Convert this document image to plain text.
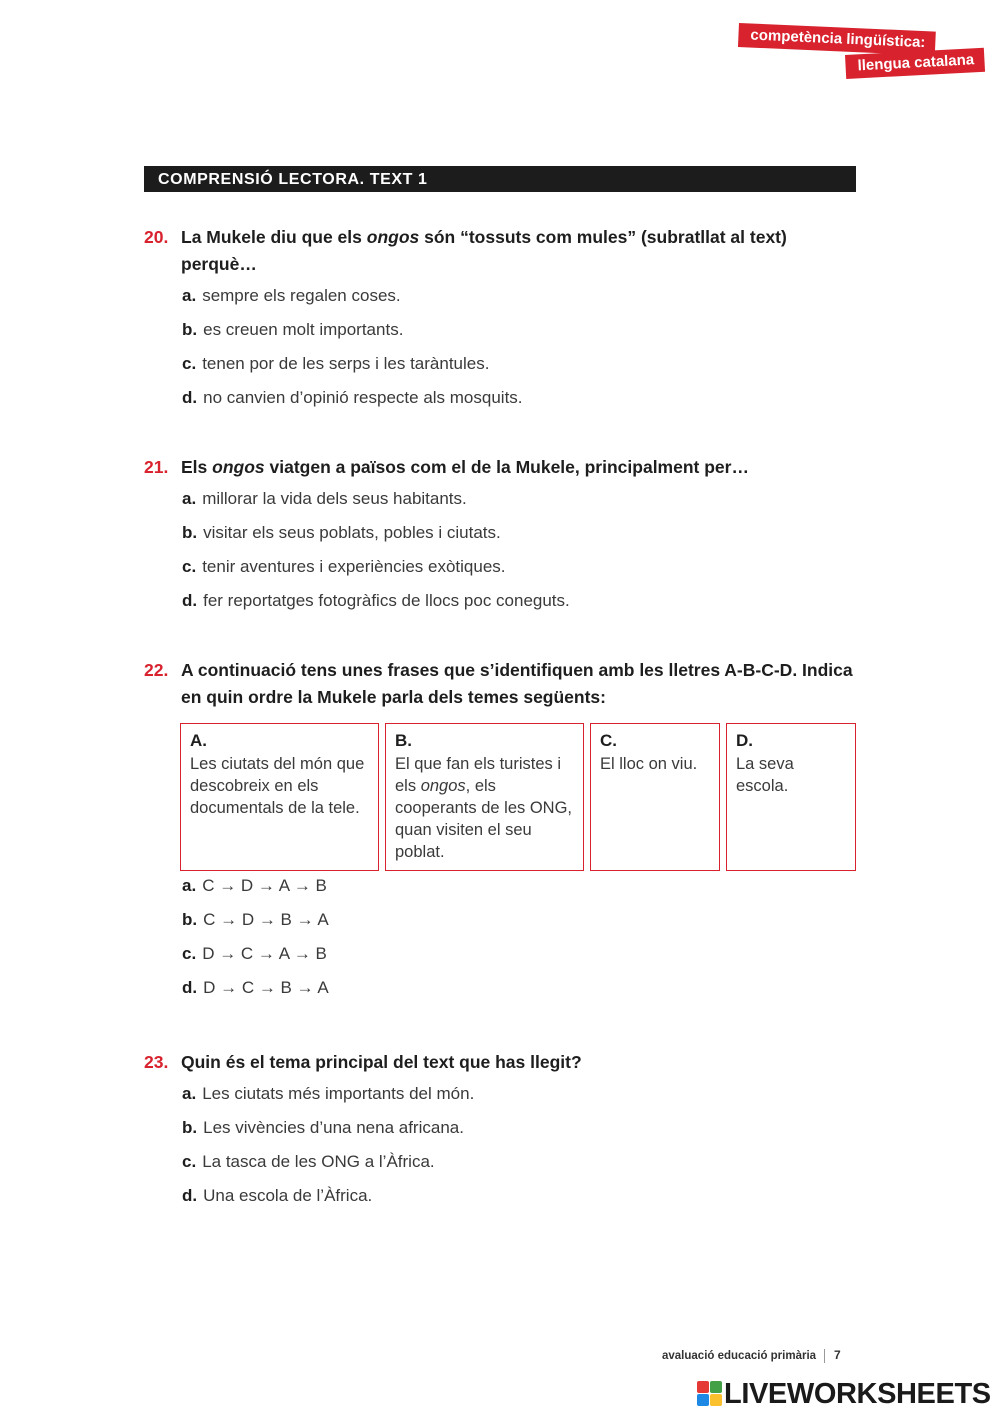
competència lingüística:
llengua catalana
COMPRENSIÓ LECTORA. TEXT 1
20. La Mukele diu que els ongos són “tossuts com mules” (subratllat al text) perquè…
a. sempre els regalen coses.
b. es creuen molt importants.
c. tenen por de les serps i les taràntules.
d. no canvien d’opinió respecte als mosquits.
21. Els ongos viatgen a països com el de la Mukele, principalment per…
a. millorar la vida dels seus habitants.
b. visitar els seus poblats, pobles i ciutats.
c. tenir aventures i experiències exòtiques.
d. fer reportatges fotogràfics de llocs poc coneguts.
22. A continuació tens unes frases que s’identifiquen amb les lletres A-B-C-D. Indica en quin ordre la Mukele parla dels temes següents:
A.
Les ciutats del món que descobreix en els documentals de la tele.
B.
El que fan els turistes i els ongos, els cooperants de les ONG, quan visiten el seu poblat.
C.
El lloc on viu.
D.
La seva escola.
a. C → D → A → B
b. C → D → B → A
c. D → C → A → B
d. D → C → B → A
23. Quin és el tema principal del text que has llegit?
a. Les ciutats més importants del món.
b. Les vivències d’una nena africana.
c. La tasca de les ONG a l’Àfrica.
d. Una escola de l’Àfrica.
avaluació educació primària 7
LIVEWORKSHEETS
